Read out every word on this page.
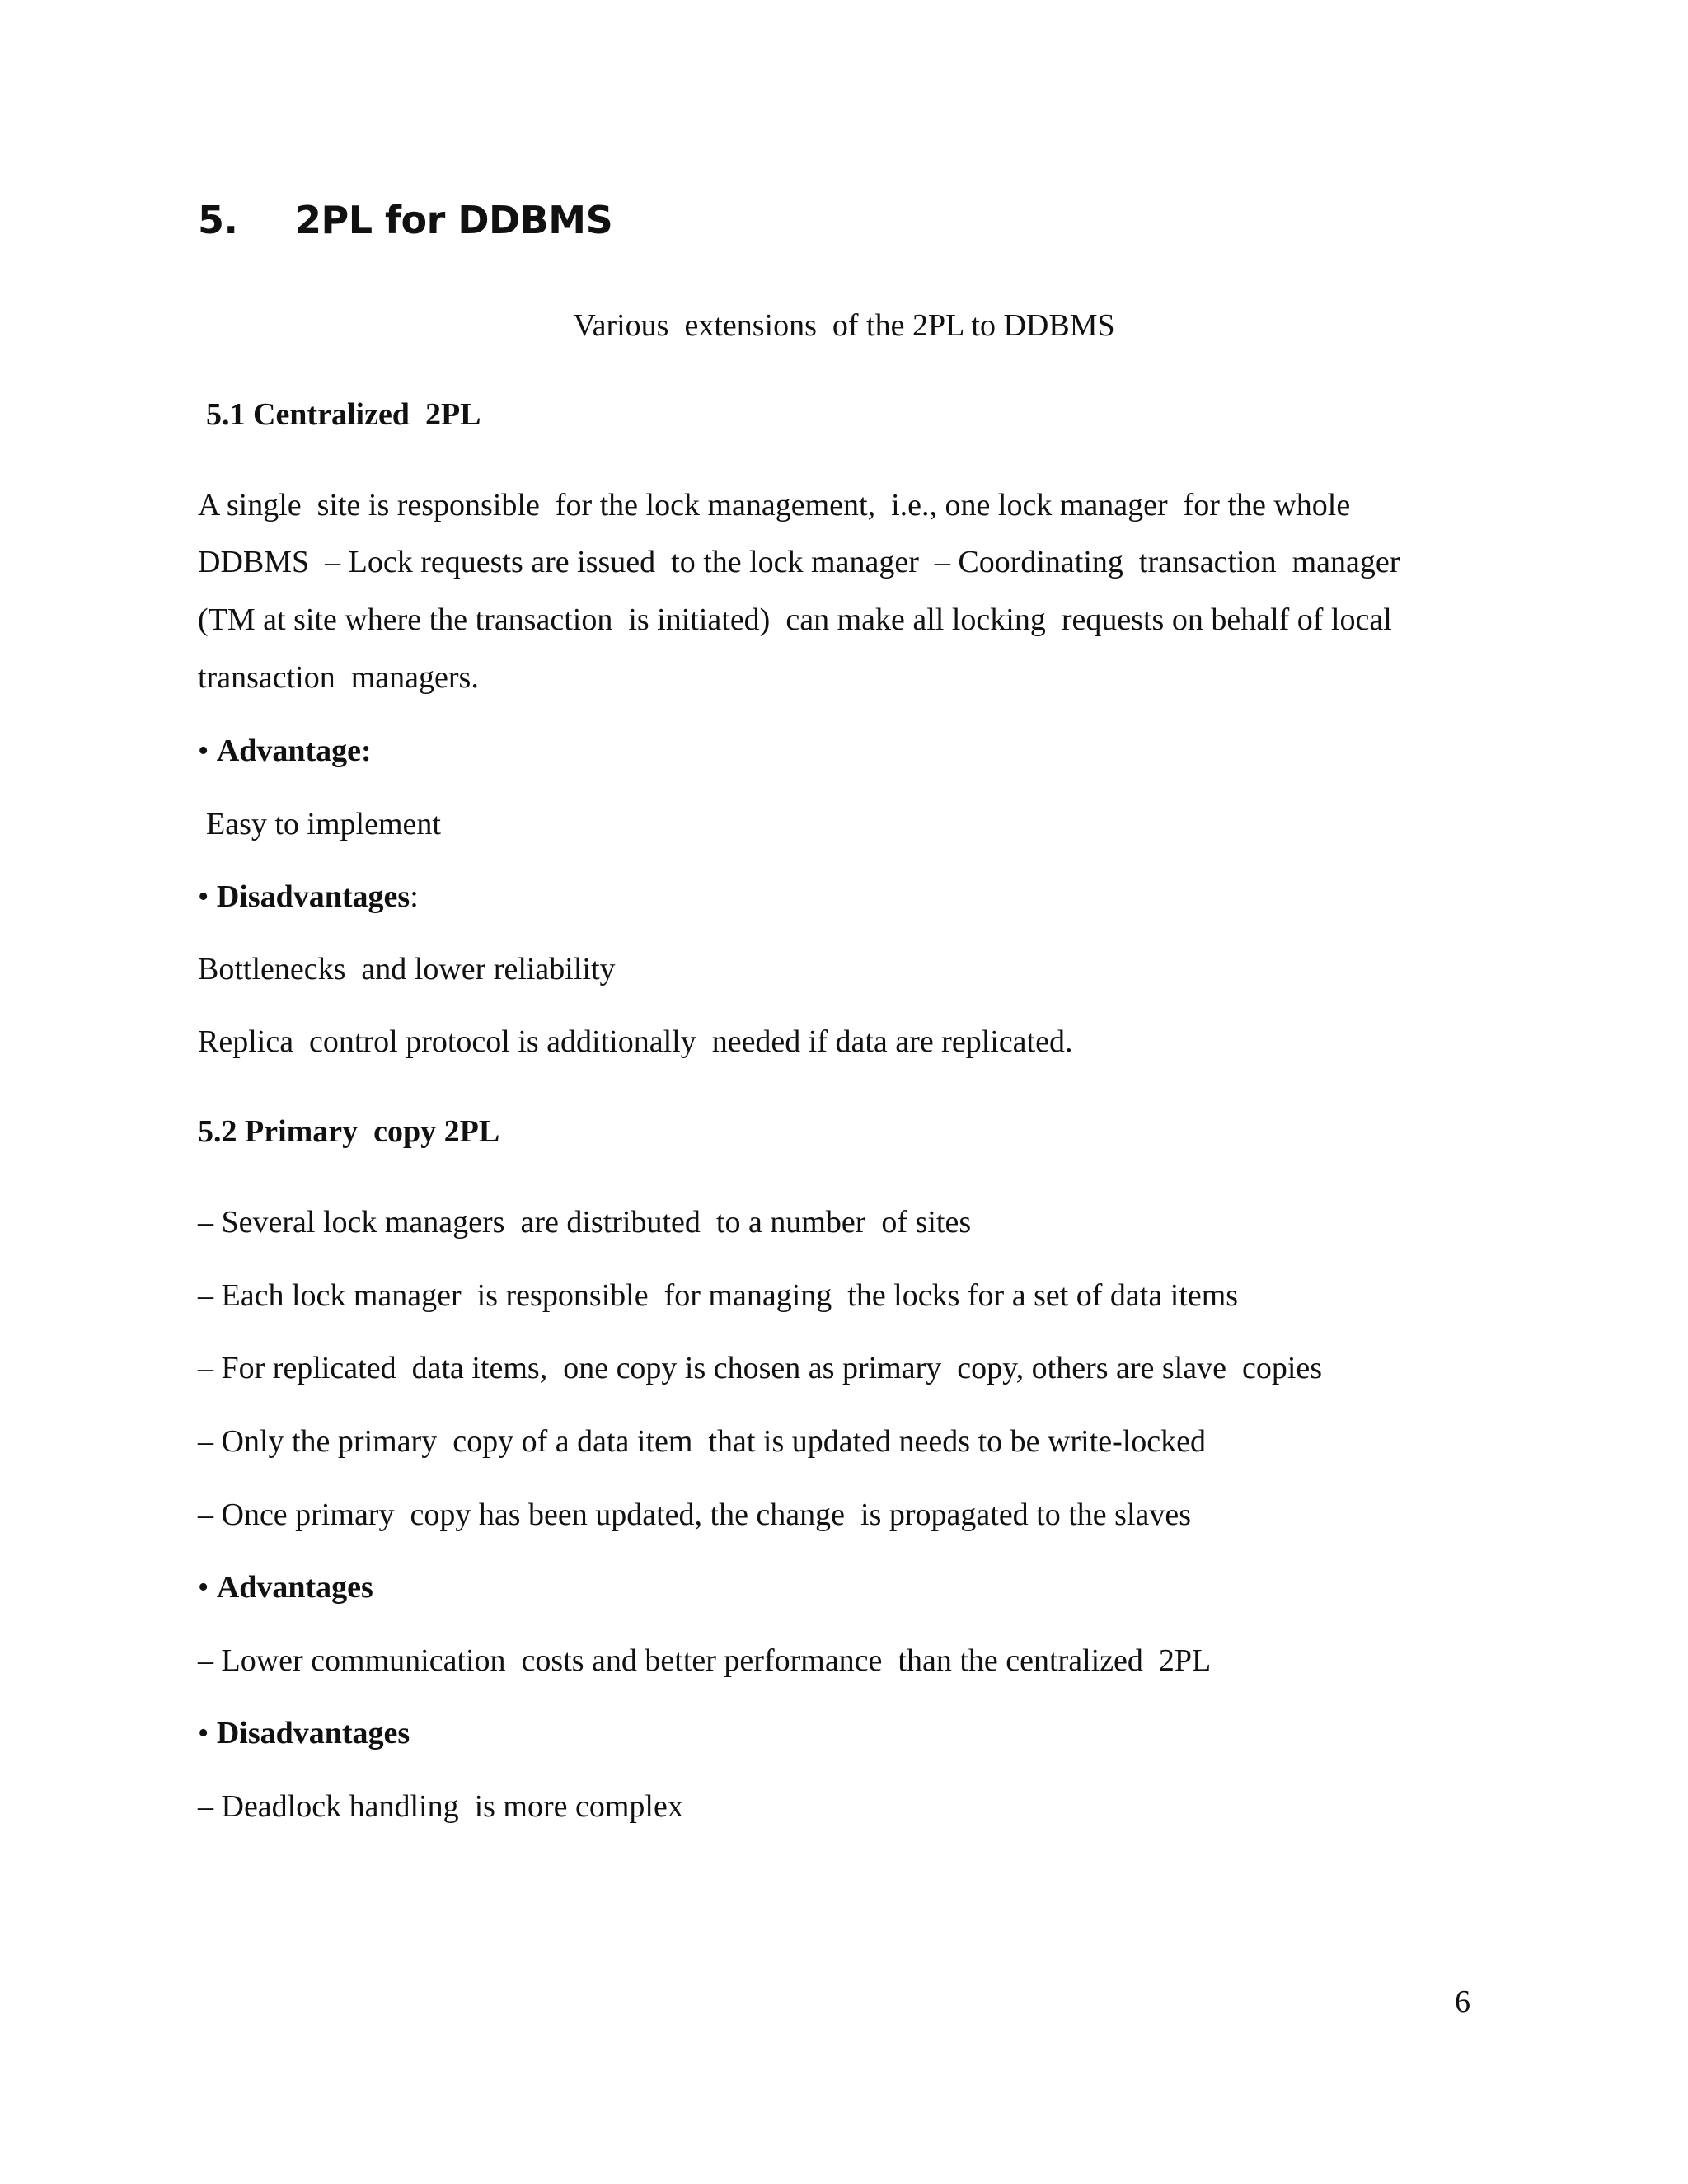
5. 2PL for DDBMS
Various  extensions  of the 2PL to DDBMS
5.1 Centralized  2PL
A single  site is responsible  for the lock management,  i.e., one lock manager  for the whole
DDBMS  – Lock requests are issued  to the lock manager  – Coordinating  transaction  manager
(TM at site where the transaction  is initiated)  can make all locking  requests on behalf of local
transaction  managers.
• Advantage:
Easy to implement
• Disadvantages:
Bottlenecks  and lower reliability
Replica  control protocol is additionally  needed if data are replicated.
5.2 Primary  copy 2PL
– Several lock managers  are distributed  to a number  of sites
– Each lock manager  is responsible  for managing  the locks for a set of data items
– For replicated  data items,  one copy is chosen as primary  copy, others are slave  copies
– Only the primary  copy of a data item  that is updated needs to be write-locked
– Once primary  copy has been updated, the change  is propagated to the slaves
• Advantages
– Lower communication  costs and better performance  than the centralized  2PL
• Disadvantages
– Deadlock handling  is more complex
6
